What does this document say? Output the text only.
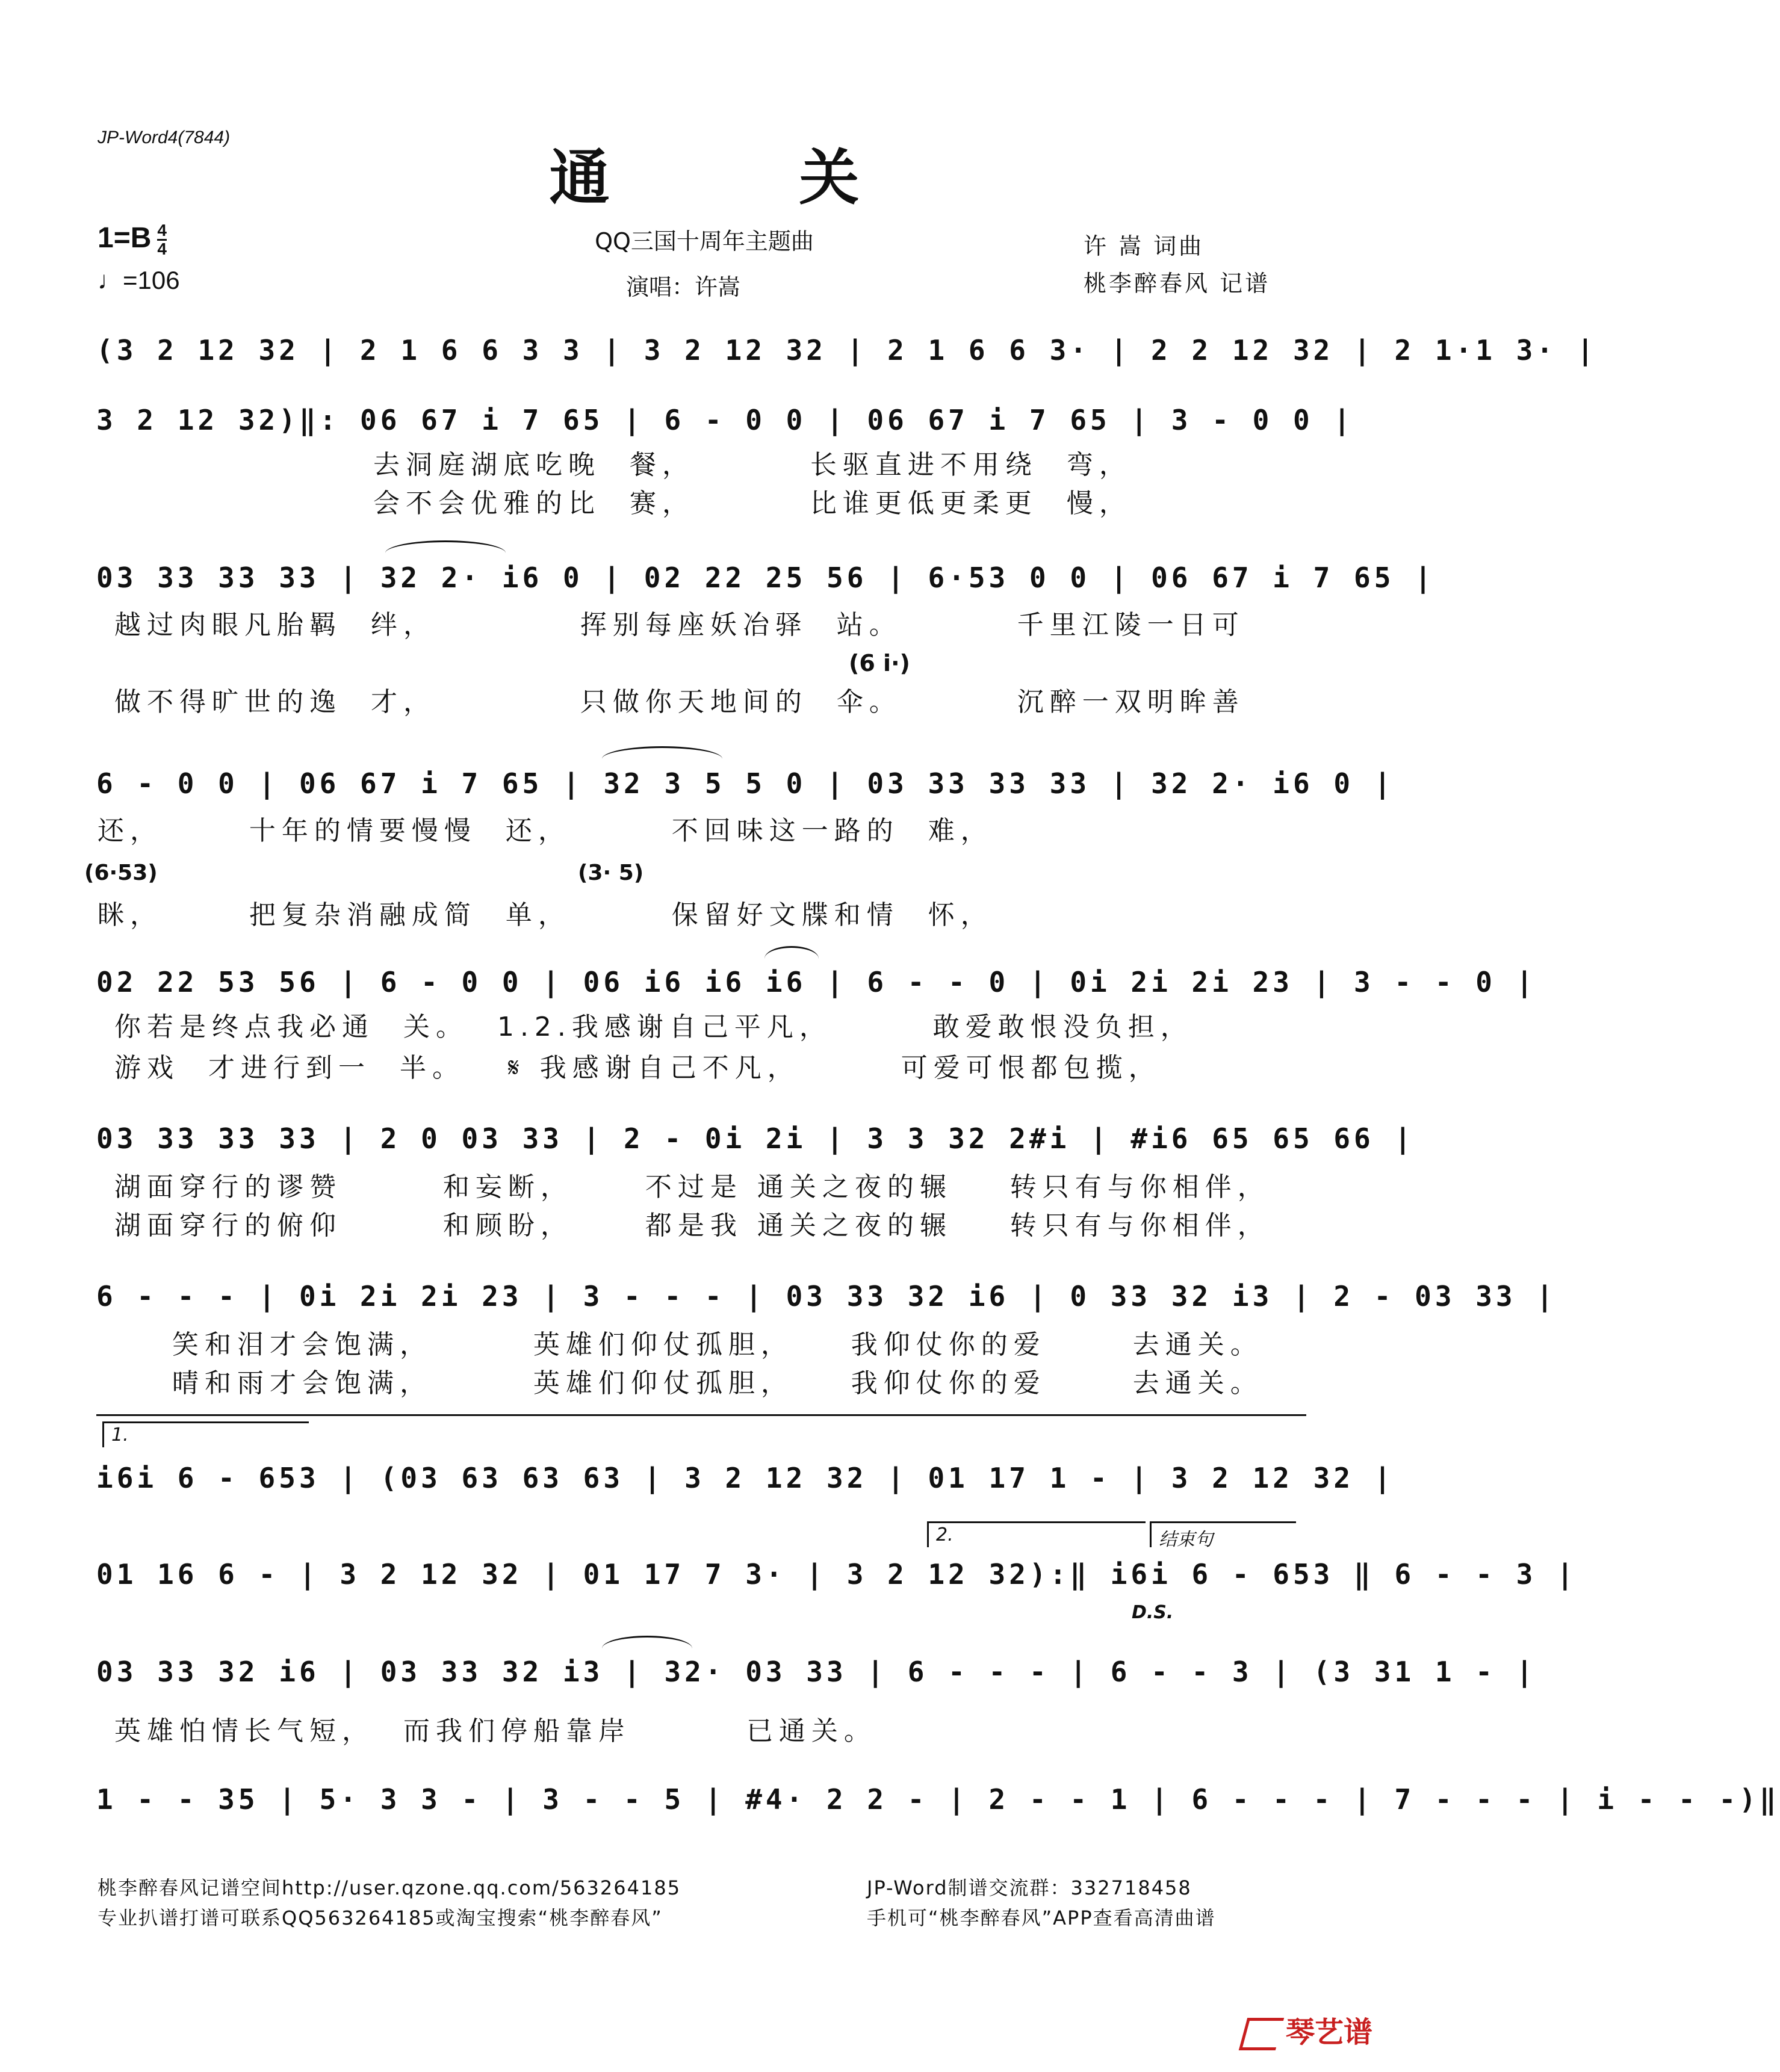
JP-Word4(7844)
通 关
$1=B \frac{4}{4}$
♩=106
QQ三国十周年主题曲
演唱：许嵩
许 嵩 词曲
桃李醉春风 记谱
(3 2 12 32 | 2 1 6 6 3 3 | 3 2 12 32 | 2 1 6 6 3· | 2 2 12 32 | 2 1·1 3· |
3 2 12 32)‖: 06 67 i 7 65 | 6 - 0 0 | 06 67 i 7 65 | 3 - 0 0 |
去洞庭湖底吃晚  餐，        长驱直进不用绕  弯，
会不会优雅的比  赛，        比谁更低更柔更  慢，
03 33 33 33 | 32 2· i6 0 | 02 22 25 56 | 6·53 0 0 | 06 67 i 7 65 |
越过肉眼凡胎羁  绊，          挥别每座妖冶驿  站。        千里江陵一日可
(6 i·)
做不得旷世的逸  才，          只做你天地间的  伞。        沉醉一双明眸善
6 - 0 0 | 06 67 i 7 65 | 32 3 5 5 0 | 03 33 33 33 | 32 2· i6 0 |
还，      十年的情要慢慢  还，       不回味这一路的  难，
(6·53)	(3· 5)
眯，      把复杂消融成简  单，       保留好文牒和情  怀，
02 22 53 56 | 6 - 0 0 | 06 i6 i6 i6 | 6 - - 0 | 0i 2i 2i 23 | 3 - - 0 |
你若是终点我必通  关。  1.2.我感谢自己平凡，       敢爱敢恨没负担，
游戏  才进行到一  半。   𝄋 我感谢自己不凡，       可爱可恨都包揽，
03 33 33 33 | 2 0 03 33 | 2 - 0i 2i | 3 3 32 2#i | #i6 65 65 66 |
湖面穿行的谬赞       和妄断，     不过是 通关之夜的辗    转只有与你相伴，
湖面穿行的俯仰       和顾盼，     都是我 通关之夜的辗    转只有与你相伴，
6 - - - | 0i 2i 2i 23 | 3 - - - | 03 33 32 i6 | 0 33 32 i3 | 2 - 03 33 |
笑和泪才会饱满，       英雄们仰仗孤胆，    我仰仗你的爱      去通关。
晴和雨才会饱满，       英雄们仰仗孤胆，    我仰仗你的爱      去通关。
1.
i6i 6 - 653 | (03 63 63 63 | 3 2 12 32 | 01 17 1 - | 3 2 12 32 |
2.	结束句
01 16 6 - | 3 2 12 32 | 01 17 7 3· | 3 2 12 32):‖ i6i 6 - 653 ‖ 6 - - 3 |
D.S.
03 33 32 i6 | 03 33 32 i3 | 32· 03 33 | 6 - - - | 6 - - 3 | (3 31 1 - |
英雄怕情长气短，  而我们停船靠岸        已通关。
1 - - 35 | 5· 3 3 - | 3 - - 5 | #4· 2 2 - | 2 - - 1 | 6 - - - | 7 - - - | i - - -)‖
桃李醉春风记谱空间http://user.qzone.qq.com/563264185
专业扒谱打谱可联系QQ563264185或淘宝搜索“桃李醉春风”
JP-Word制谱交流群：332718458
手机可“桃李醉春风”APP查看高清曲谱
琴艺谱
